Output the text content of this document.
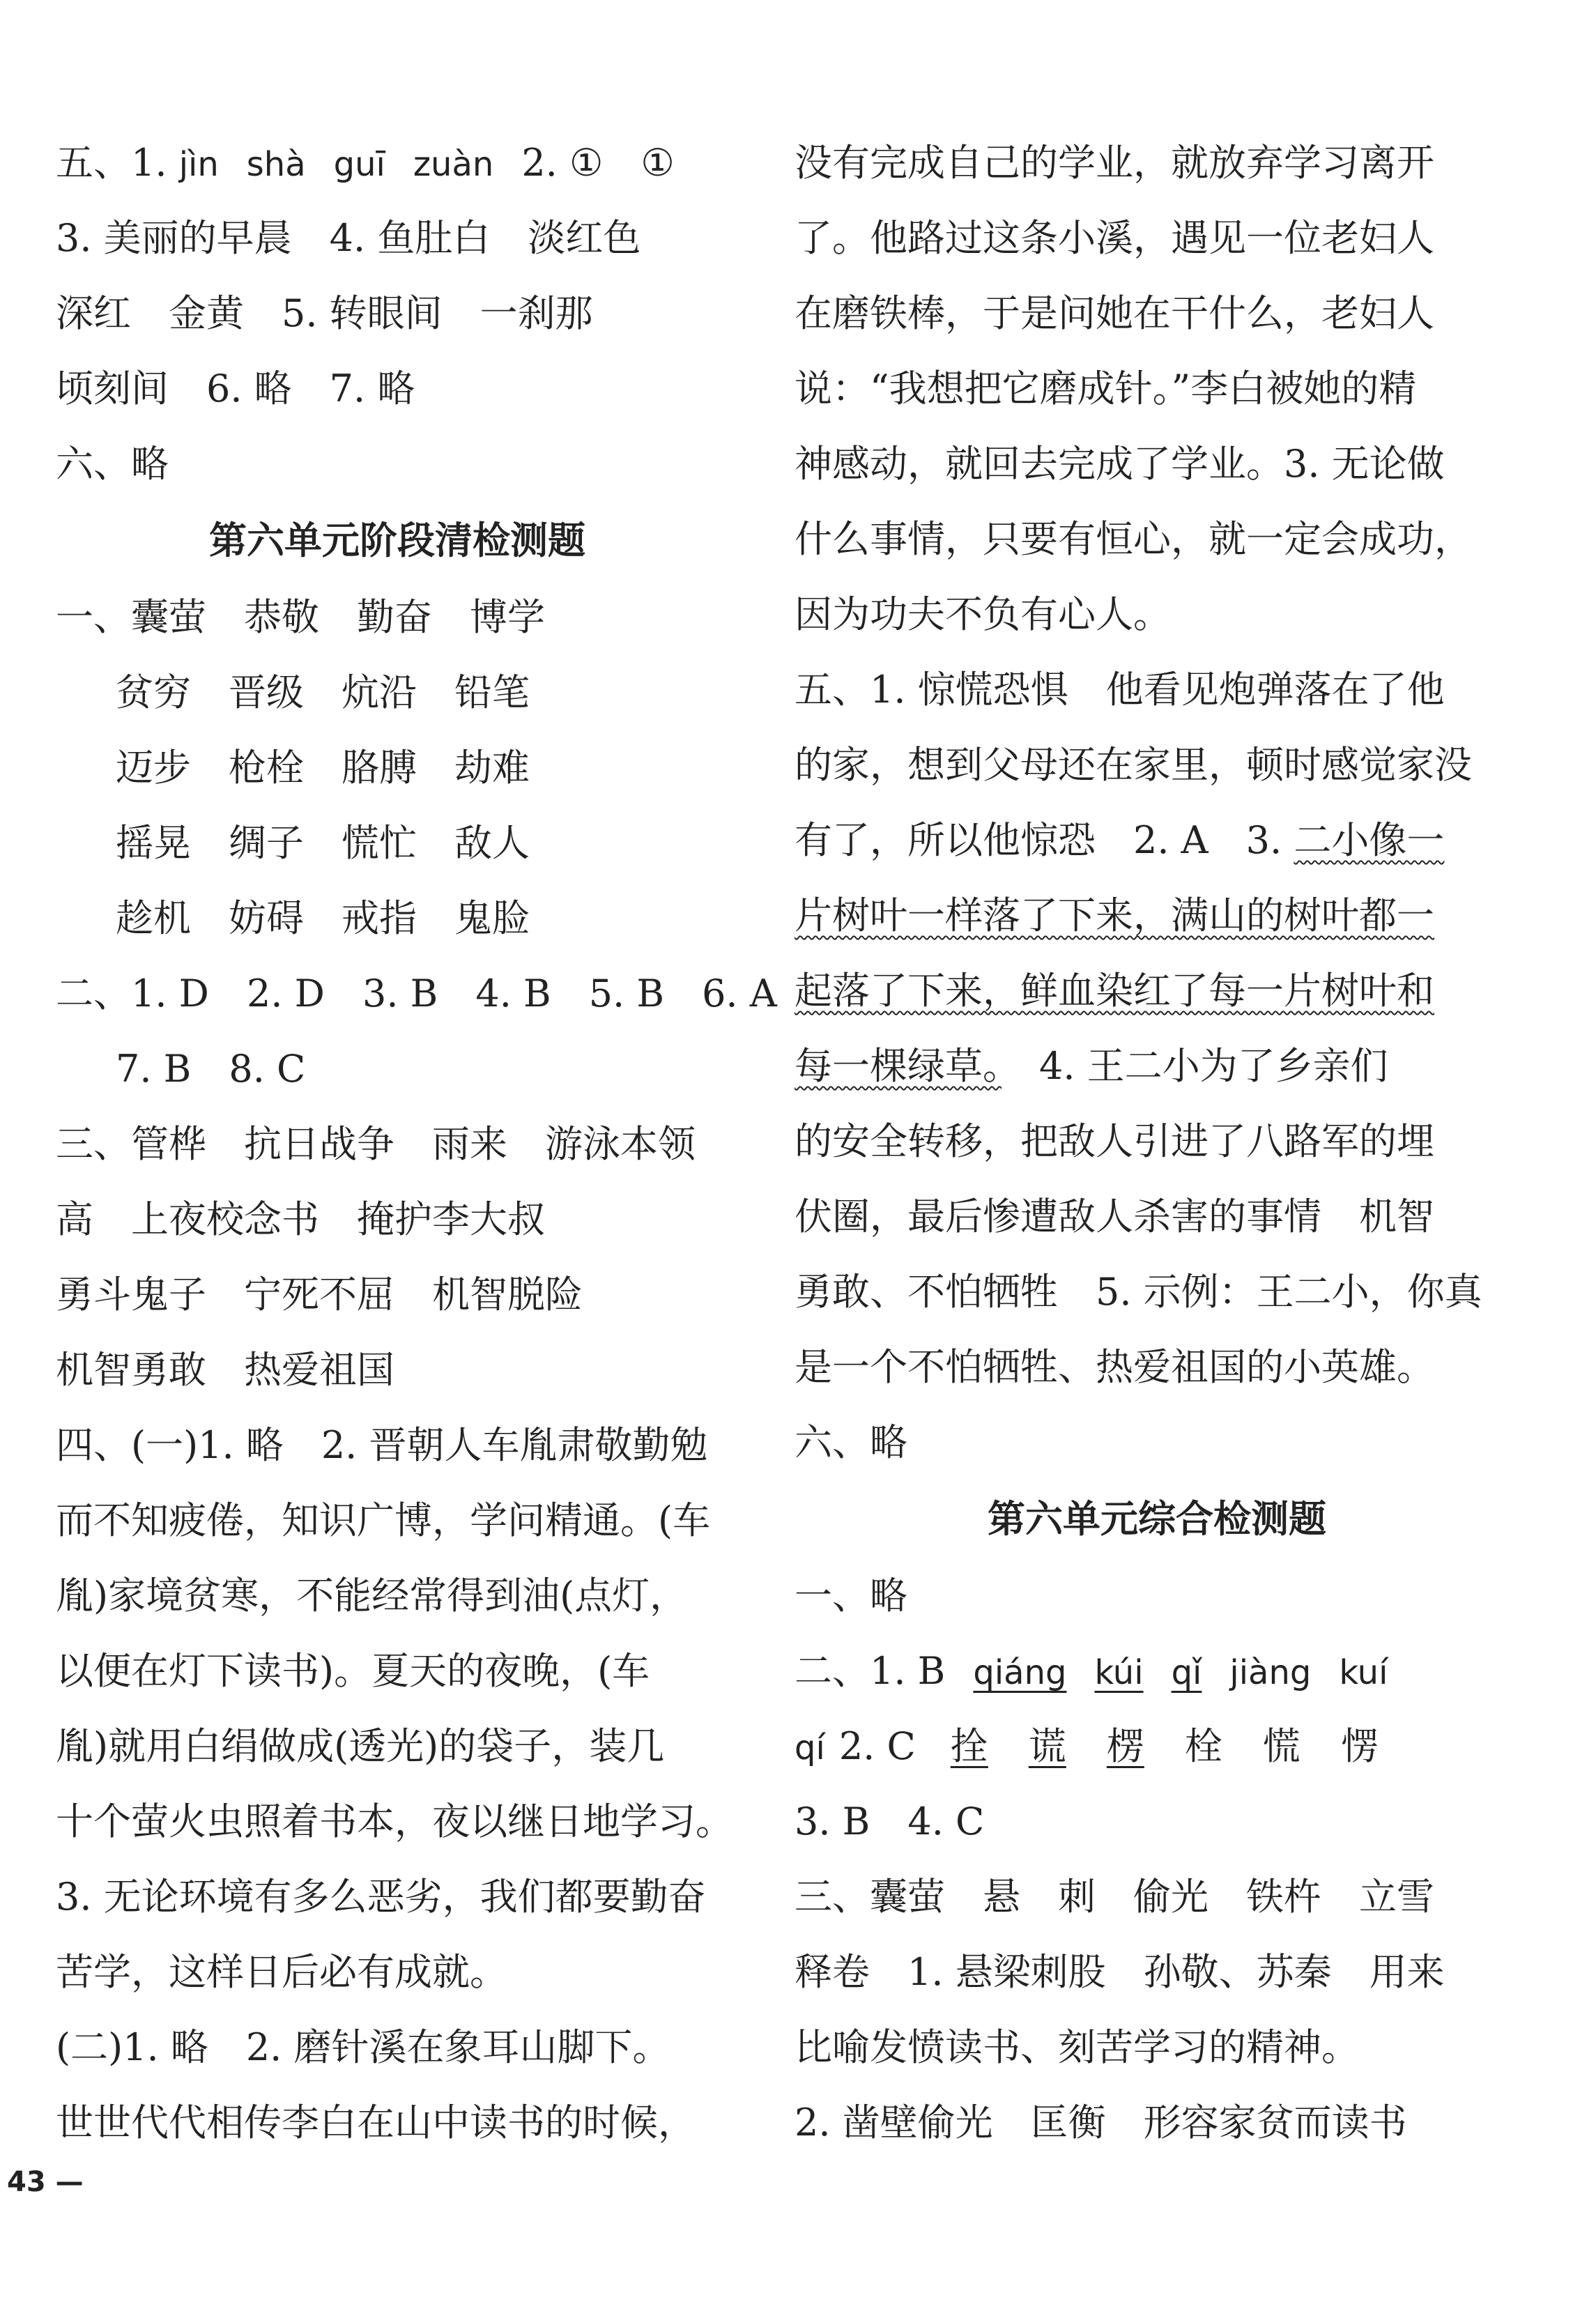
五、1. jìn shà guī zuàn 2. ①　①
3. 美丽的早晨　4. 鱼肚白　淡红色
深红　金黄　5. 转眼间　一刹那
顷刻间　6. 略　7. 略
六、略
第六单元阶段清检测题
一、囊萤　恭敬　勤奋　博学
贫穷　晋级　炕沿　铅笔
迈步　枪栓　胳膊　劫难
摇晃　绸子　慌忙　敌人
趁机　妨碍　戒指　鬼脸
二、1. D　2. D　3. B　4. B　5. B　6. A
7. B　8. C
三、管桦　抗日战争　雨来　游泳本领
高　上夜校念书　掩护李大叔
勇斗鬼子　宁死不屈　机智脱险
机智勇敢　热爱祖国
四、(一)1. 略　2. 晋朝人车胤肃敬勤勉
而不知疲倦，知识广博，学问精通。(车
胤)家境贫寒，不能经常得到油(点灯，
以便在灯下读书)。夏天的夜晚，(车
胤)就用白绢做成(透光)的袋子，装几
十个萤火虫照着书本，夜以继日地学习。
3. 无论环境有多么恶劣，我们都要勤奋
苦学，这样日后必有成就。
(二)1. 略　2. 磨针溪在象耳山脚下。
世世代代相传李白在山中读书的时候，
没有完成自己的学业，就放弃学习离开
了。他路过这条小溪，遇见一位老妇人
在磨铁棒，于是问她在干什么，老妇人
说：“我想把它磨成针。”李白被她的精
神感动，就回去完成了学业。3. 无论做
什么事情，只要有恒心，就一定会成功，
因为功夫不负有心人。
五、1. 惊慌恐惧　他看见炮弹落在了他
的家，想到父母还在家里，顿时感觉家没
有了，所以他惊恐　2. A　3. 二小像一
片树叶一样落了下来，满山的树叶都一
起落了下来，鲜血染红了每一片树叶和
每一棵绿草。　4. 王二小为了乡亲们
的安全转移，把敌人引进了八路军的埋
伏圈，最后惨遭敌人杀害的事情　机智
勇敢、不怕牺牲　5. 示例：王二小，你真
是一个不怕牺牲、热爱祖国的小英雄。
六、略
第六单元综合检测题
一、略
二、1. B qiáng kúi qǐ jiàng kuí
qí 2. C 拴 谎 楞 栓 慌 愣
3. B　4. C
三、囊萤　悬　刺　偷光　铁杵　立雪
释卷　1. 悬梁刺股　孙敬、苏秦　用来
比喻发愤读书、刻苦学习的精神。
2. 凿壁偷光　匡衡　形容家贫而读书
43 —
